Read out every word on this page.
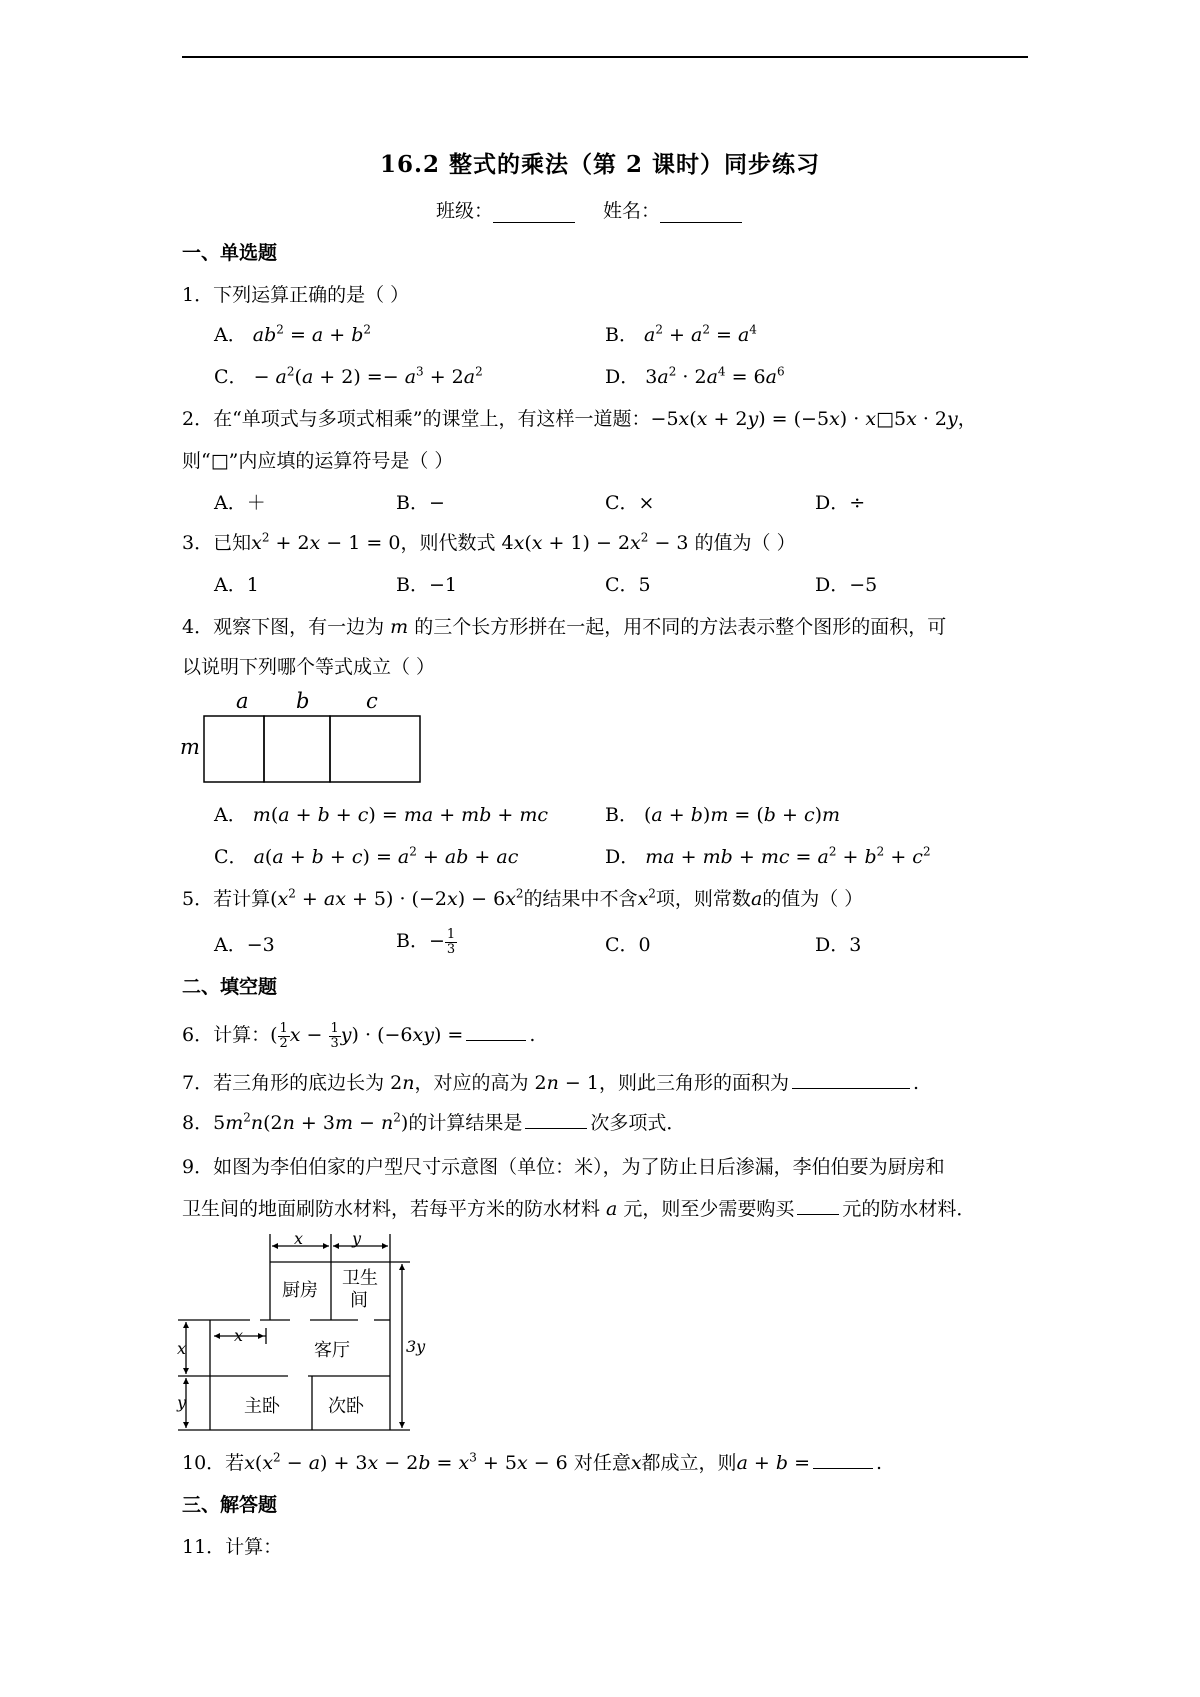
16.2 整式的乘法（第 2 课时）同步练习
班级：	姓名：
一、单选题
1．下列运算正确的是（ ）
A． $ab^2 = a + b^2$	B． $a^2 + a^2 = a^4$
C． − $a^2(a + 2) =- a^3 + 2a^2$	D． $3a^2 \cdot 2a^4 = 6a^6$
2．在“单项式与多项式相乘”的课堂上，有这样一道题：−5x(x + 2y) = (−5x) · x□5x · 2y，
则“□”内应填的运算符号是（ ）
A．＋	B．−	C．×	D．÷
3．已知$x^2 + 2x - 1 = 0$，则代数式 $4x(x + 1) - 2x^2 - 3$ 的值为（ ）
A．1	B．−1	C．5	D．−5
4．观察下图，有一边为 m 的三个长方形拼在一起，用不同的方法表示整个图形的面积，可
以说明下列哪个等式成立（ ）
a b	c
m
A． m(a + b + c) = ma + mb + mc	B． (a + b)m = (b + c)m
C． $a(a + b + c) = a^2$ + ab + ac	D． ma + mb + mc = $a^2 + b^2 + c^2$
5．若计算($x^2$ + ax + $5) \cdot (-2x) - 6x^2$的结果中不含$x^2$项，则常数a的值为（ ）
A．−3	B．− $\frac{1}{3}$	C．0	D．3
二、填空题
6．计算：( $\frac{1}{2}$ $x - \frac{1}{3} y) \cdot (-6xy)$ =	.
7．若三角形的底边长为 2n，对应的高为 2n − 1，则此三角形的面积为	.
8．$5m^2n(2n + 3m - n^2)$的计算结果是	次多项式．
9．如图为李伯伯家的户型尺寸示意图（单位：米），为了防止日后渗漏，李伯伯要为厨房和
卫生间的地面刷防水材料，若每平方米的防水材料 a 元，则至少需要购买	元的防水材料．
x	y
3y
x
y
x
厨房
卫生
间
客厅
主卧	次卧
10．若$x(x^2 - a) + 3x - 2b = x^3 + 5x - 6$ 对任意x都成立，则a + b =	.
三、解答题
11．计算：
